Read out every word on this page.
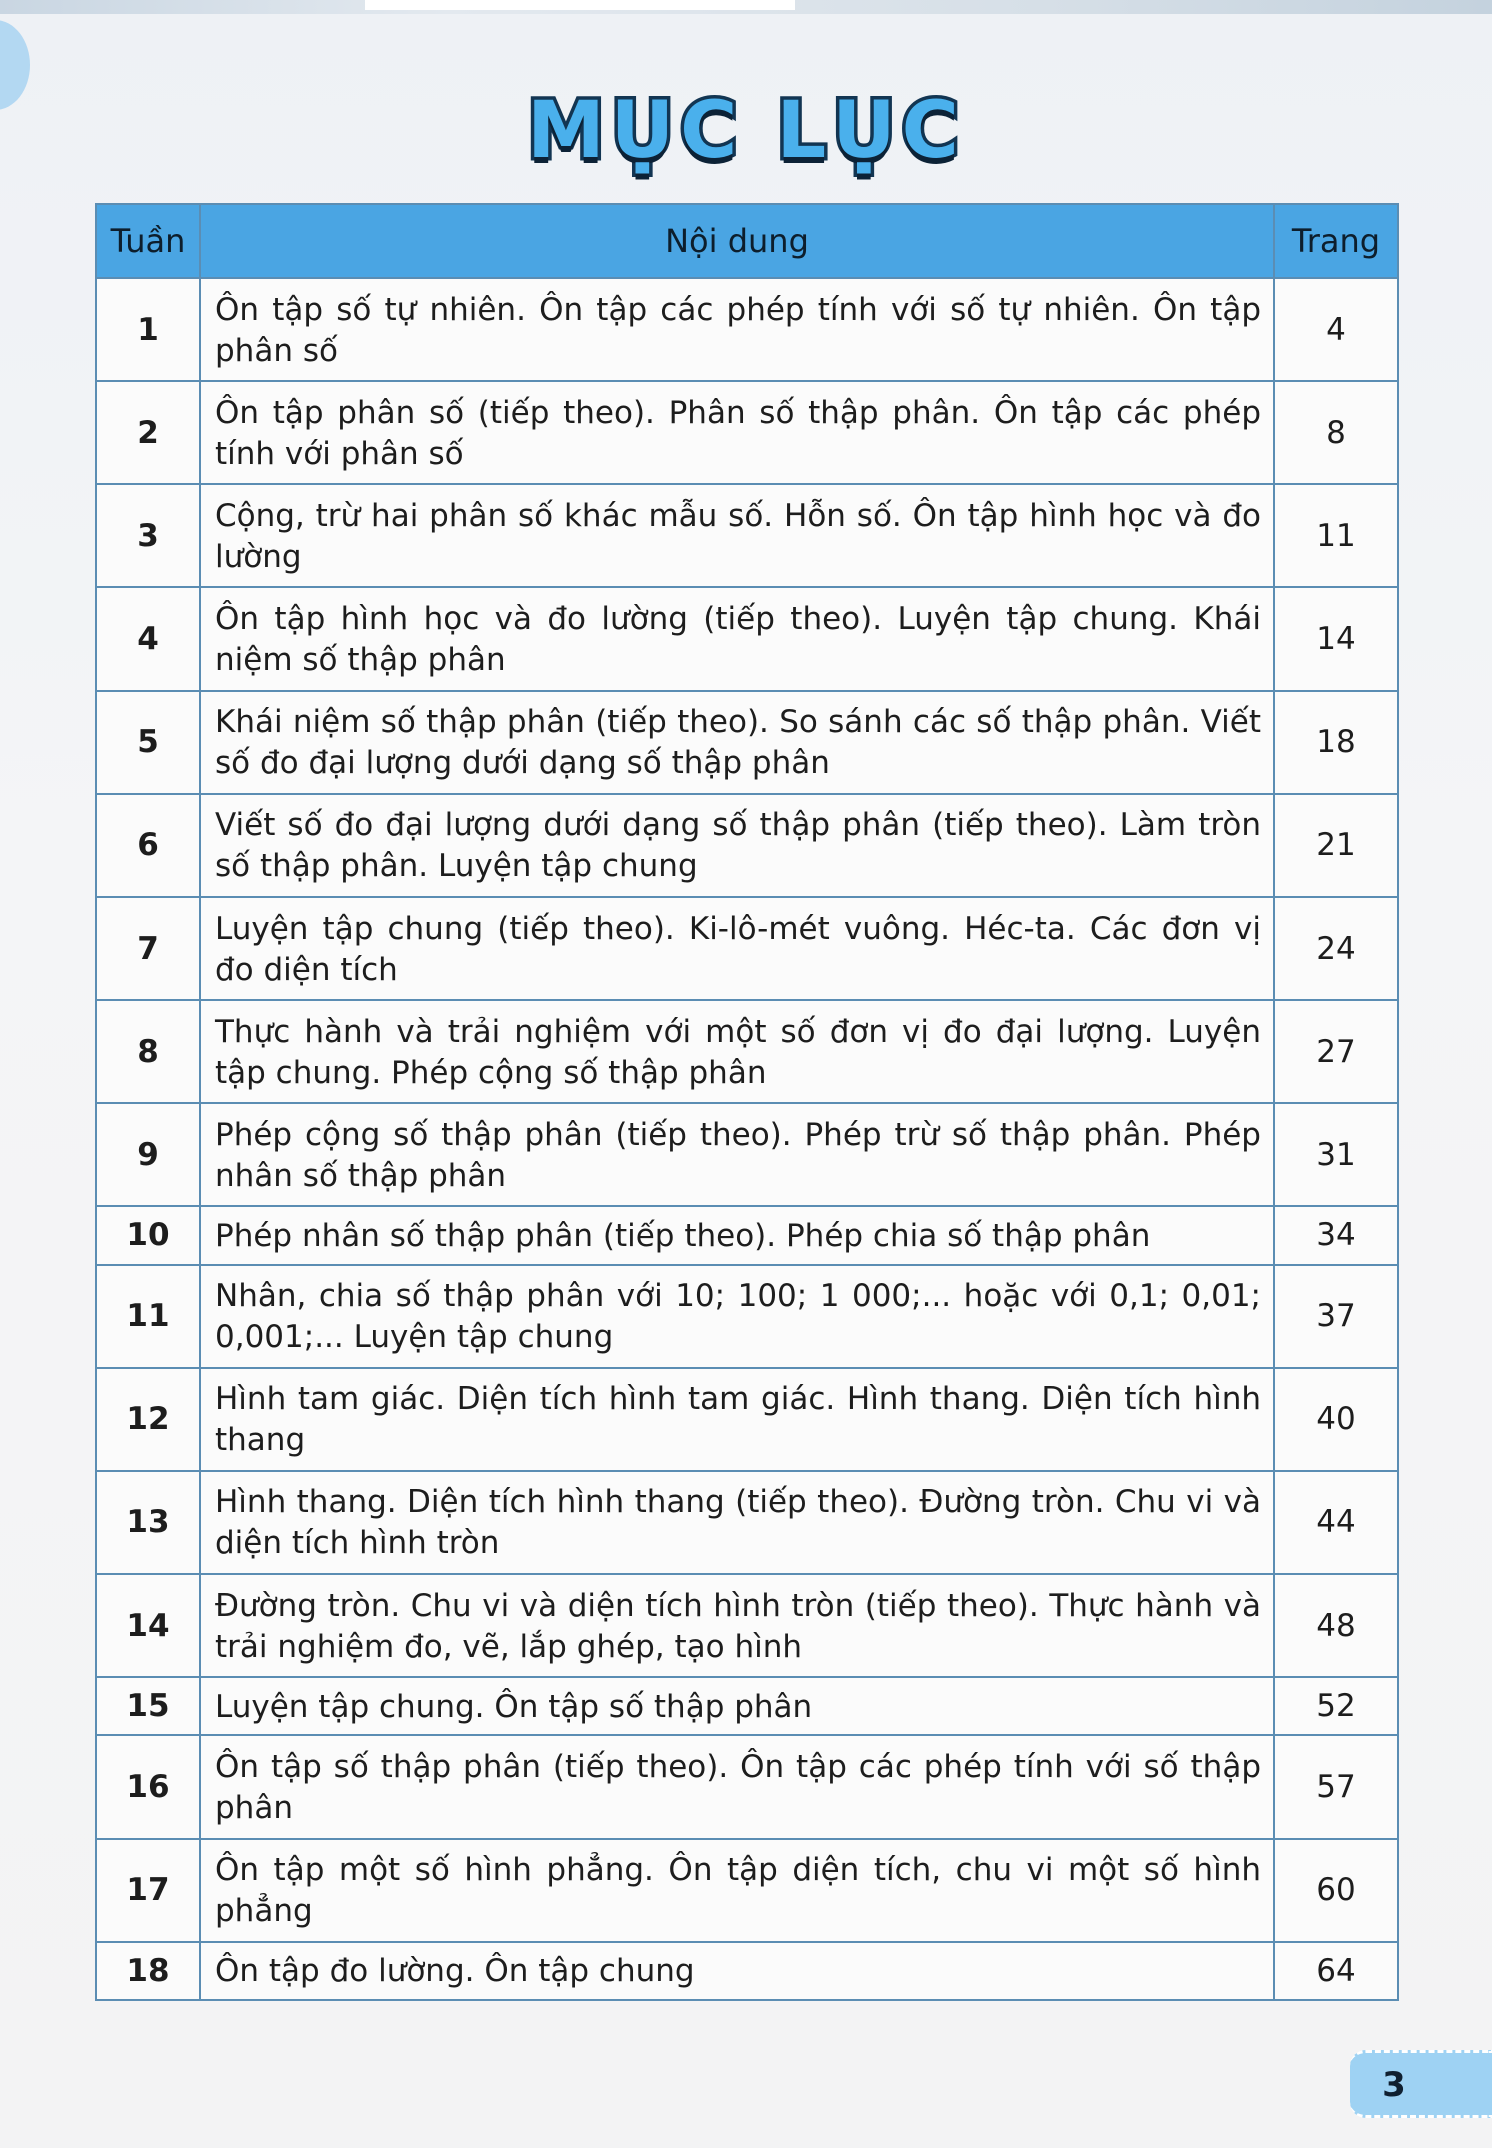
MỤC LỤC
Tuần	Nội dung	Trang
1	Ôn tập số tự nhiên. Ôn tập các phép tính với số tự nhiên. Ôn tập phân số	4
2	Ôn tập phân số (tiếp theo). Phân số thập phân. Ôn tập các phép tính với phân số	8
3	Cộng, trừ hai phân số khác mẫu số. Hỗn số. Ôn tập hình học và đo lường	11
4	Ôn tập hình học và đo lường (tiếp theo). Luyện tập chung. Khái niệm số thập phân	14
5	Khái niệm số thập phân (tiếp theo). So sánh các số thập phân. Viết số đo đại lượng dưới dạng số thập phân	18
6	Viết số đo đại lượng dưới dạng số thập phân (tiếp theo). Làm tròn số thập phân. Luyện tập chung	21
7	Luyện tập chung (tiếp theo). Ki-lô-mét vuông. Héc-ta. Các đơn vị đo diện tích	24
8	Thực hành và trải nghiệm với một số đơn vị đo đại lượng. Luyện tập chung. Phép cộng số thập phân	27
9	Phép cộng số thập phân (tiếp theo). Phép trừ số thập phân. Phép nhân số thập phân	31
10	Phép nhân số thập phân (tiếp theo). Phép chia số thập phân	34
11	Nhân, chia số thập phân với 10; 100; 1 000;... hoặc với 0,1; 0,01; 0,001;... Luyện tập chung	37
12	Hình tam giác. Diện tích hình tam giác. Hình thang. Diện tích hình thang	40
13	Hình thang. Diện tích hình thang (tiếp theo). Đường tròn. Chu vi và diện tích hình tròn	44
14	Đường tròn. Chu vi và diện tích hình tròn (tiếp theo). Thực hành và trải nghiệm đo, vẽ, lắp ghép, tạo hình	48
15	Luyện tập chung. Ôn tập số thập phân	52
16	Ôn tập số thập phân (tiếp theo). Ôn tập các phép tính với số thập phân	57
17	Ôn tập một số hình phẳng. Ôn tập diện tích, chu vi một số hình phẳng	60
18	Ôn tập đo lường. Ôn tập chung	64
3
